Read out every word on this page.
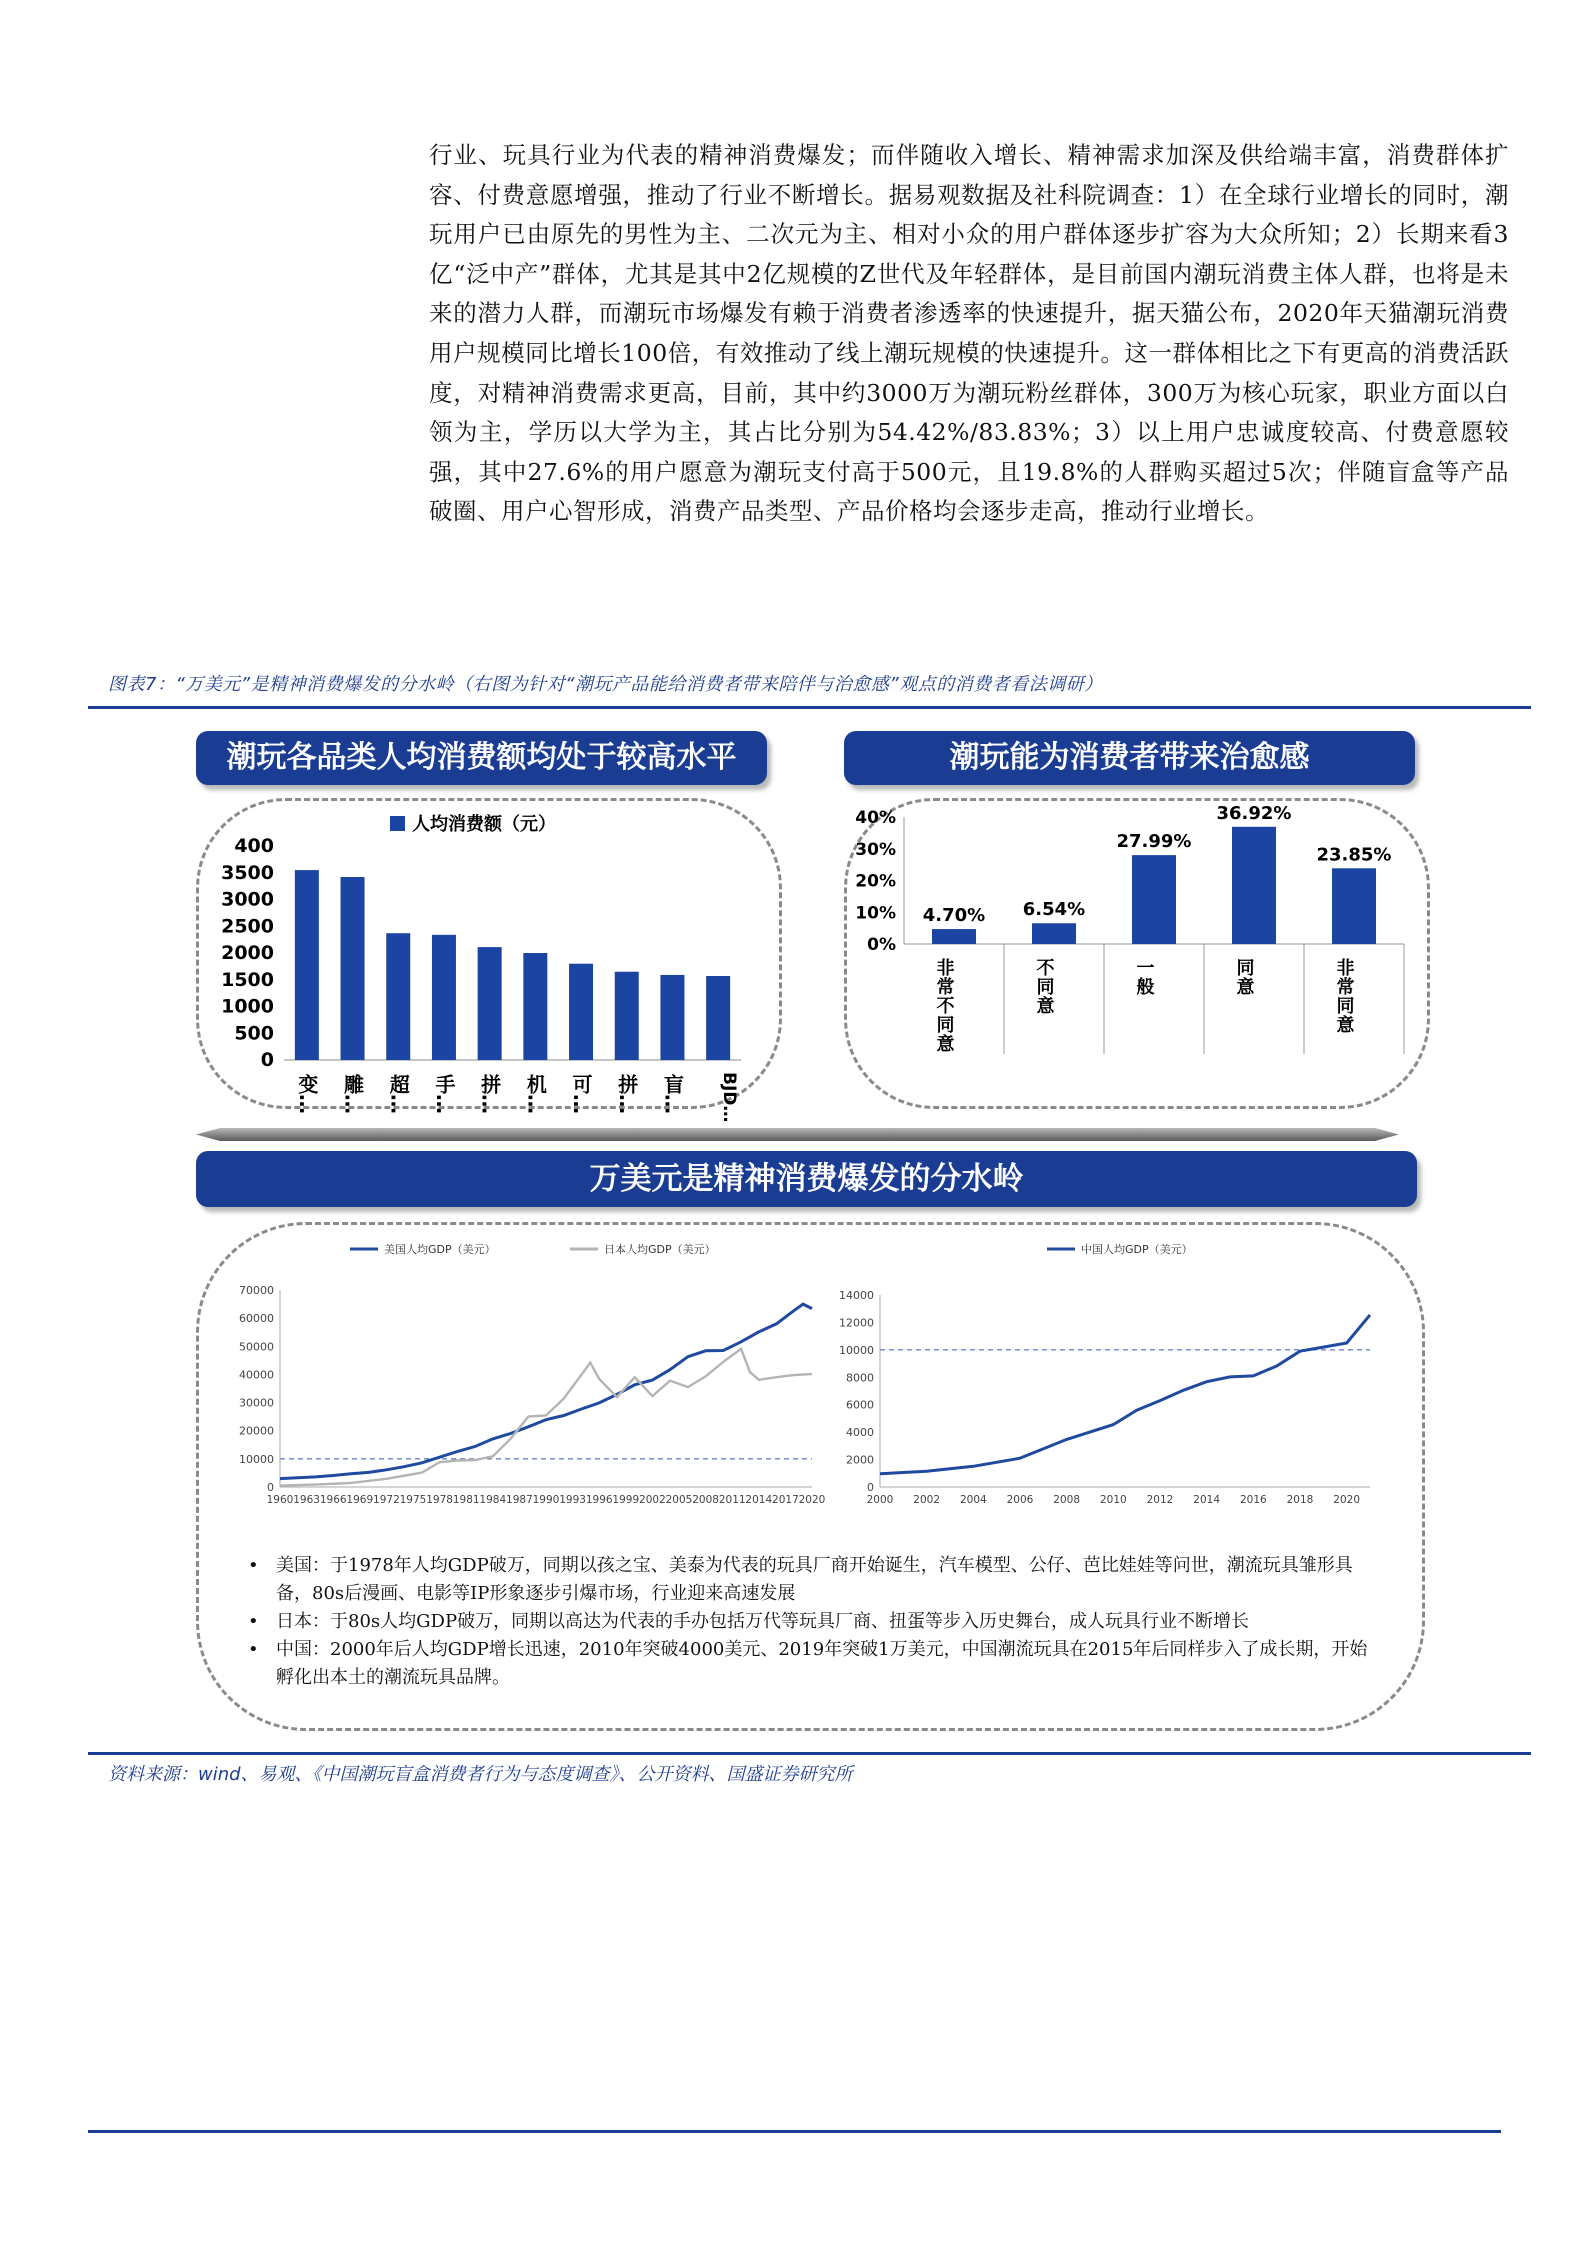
行业、玩具行业为代表的精神消费爆发；而伴随收入增长、精神需求加深及供给端丰富，消费群体扩容、付费意愿增强，推动了行业不断增长。据易观数据及社科院调查：1）在全球行业增长的同时，潮玩用户已由原先的男性为主、二次元为主、相对小众的用户群体逐步扩容为大众所知；2）长期来看3亿“泛中产”群体，尤其是其中2亿规模的Z世代及年轻群体，是目前国内潮玩消费主体人群，也将是未来的潜力人群，而潮玩市场爆发有赖于消费者渗透率的快速提升，据天猫公布，2020年天猫潮玩消费用户规模同比增长100倍，有效推动了线上潮玩规模的快速提升。这一群体相比之下有更高的消费活跃度，对精神消费需求更高，目前，其中约3000万为潮玩粉丝群体，300万为核心玩家，职业方面以白领为主，学历以大学为主，其占比分别为54.42%/83.83%；3）以上用户忠诚度较高、付费意愿较强，其中27.6%的用户愿意为潮玩支付高于500元，且19.8%的人群购买超过5次；伴随盲盒等产品破圈、用户心智形成，消费产品类型、产品价格均会逐步走高，推动行业增长。

图表7：“万美元”是精神消费爆发的分水岭（右图为针对“潮玩产品能给消费者带来陪伴与治愈感”观点的消费者看法调研）
潮玩各品类人均消费额均处于较高水平	潮玩能为消费者带来治愈感
万美元是精神消费爆发的分水岭
0
500
1000
1500
2000
2500
3000
3500
400
人均消费额（元）
变… 雕… 超… 手… 拼… 机… 可… 拼… 盲… BJD…
0%
10%
20%
30%
40%
4.70%
非常不同意
6.54%
不同意
27.99%
一般
36.92%
同意
23.85%
非常同意
0
10000
20000
30000
40000
50000
60000
70000
1960 1963 1966 1969 1972 1975 1978 1981 1984 1987 1990 1993 1996 1999 2002 2005 2008 2011 2014 2017 2020
美国人均GDP（美元）	日本人均GDP（美元）
0
2000
4000
6000
8000
10000
12000
14000
2000 2002 2004 2006 2008 2010 2012 2014 2016 2018 2020
中国人均GDP（美元）
• 美国：于1978年人均GDP破万，同期以孩之宝、美泰为代表的玩具厂商开始诞生，汽车模型、公仔、芭比娃娃等问世，潮流玩具雏形具备，80s后漫画、电影等IP形象逐步引爆市场，行业迎来高速发展
• 日本：于80s人均GDP破万，同期以高达为代表的手办包括万代等玩具厂商、扭蛋等步入历史舞台，成人玩具行业不断增长
• 中国：2000年后人均GDP增长迅速，2010年突破4000美元、2019年突破1万美元，中国潮流玩具在2015年后同样步入了成长期，开始孵化出本土的潮流玩具品牌。
资料来源：wind、易观、《中国潮玩盲盒消费者行为与态度调查》、公开资料、国盛证券研究所
